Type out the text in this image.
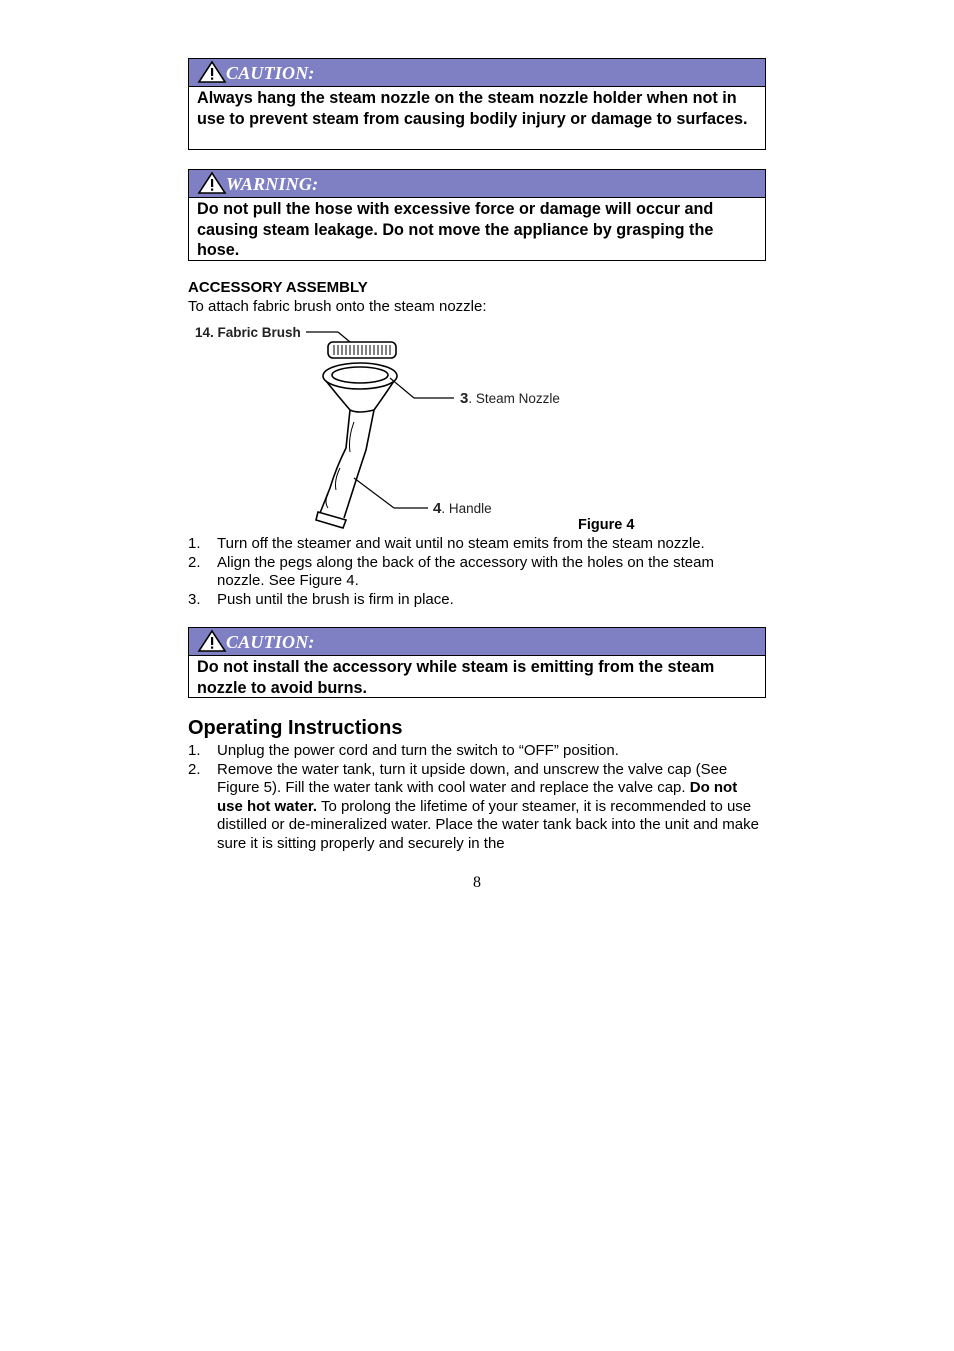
CAUTION:
Always hang the steam nozzle on the steam nozzle holder when not in use to prevent steam from causing bodily injury or damage to surfaces.
WARNING:
Do not pull the hose with excessive force or damage will occur and causing steam leakage. Do not move the appliance by grasping the hose.
ACCESSORY ASSEMBLY
To attach fabric brush onto the steam nozzle:
14. Fabric Brush
3. Steam Nozzle
4. Handle
Figure 4
1. Turn off the steamer and wait until no steam emits from the steam nozzle.
2. Align the pegs along the back of the accessory with the holes on the steam nozzle. See Figure 4.
3. Push until the brush is firm in place.
CAUTION:
Do not install the accessory while steam is emitting from the steam nozzle to avoid burns.
Operating Instructions
1. Unplug the power cord and turn the switch to “OFF” position.
2. Remove the water tank, turn it upside down, and unscrew the valve cap (See Figure 5). Fill the water tank with cool water and replace the valve cap. Do not use hot water. To prolong the lifetime of your steamer, it is recommended to use distilled or de-mineralized water. Place the water tank back into the unit and make sure it is sitting properly and securely in the
8
